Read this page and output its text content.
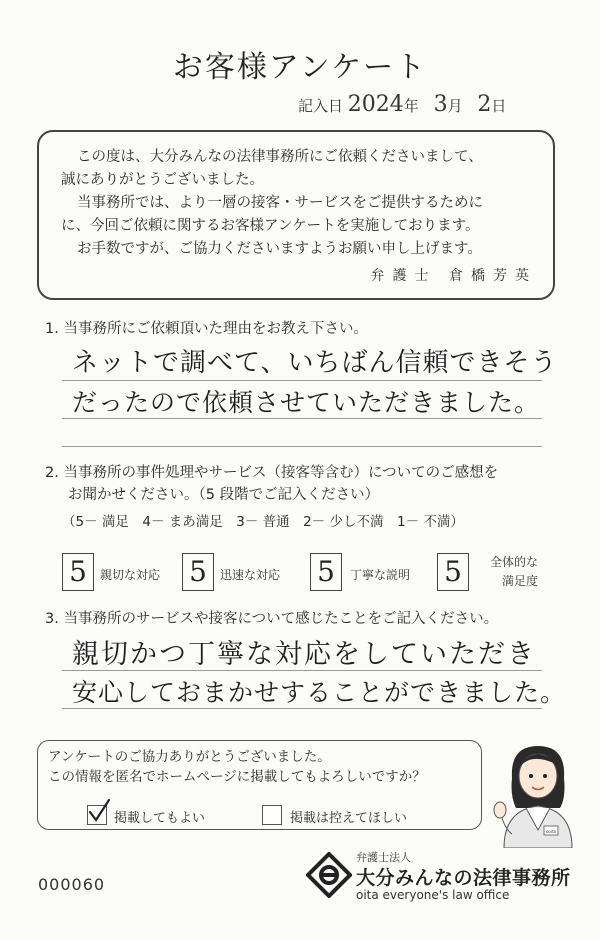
お客様アンケート
記入日 2024年 3月 2日

この度は、大分みんなの法律事務所にご依頼くださいまして、

誠にありがとうございました。

当事務所では、より一層の接客・サービスをご提供するために

に、今回ご依頼に関するお客様アンケートを実施しております。

お手数ですが、ご協力くださいますようお願い申し上げます。

弁護士 倉橋芳英
1. 当事務所にご依頼頂いた理由をお教え下さい。
ネットで調べて、いちばん信頼できそう
だったので依頼させていただきました。
2. 当事務所の事件処理やサービス（接客等含む）についてのご感想を
お聞かせください。（5 段階でご記入ください）
（5－ 満足　4－ まあ満足　3－ 普通　2－ 少し不満　1－ 不満）
5	親切な対応 5	迅速な対応 5	丁寧な説明 5	全体的な
満足度
3. 当事務所のサービスや接客について感じたことをご記入ください。
親切かつ丁寧な対応をしていただき
安心しておまかせすることができました。

アンケートのご協力ありがとうございました。

この情報を匿名でホームページに掲載してもよろしいですか？

掲載してもよい	掲載は控えてほしい
ooita
000060
弁護士法人
大分みんなの法律事務所
oita everyone's law office
